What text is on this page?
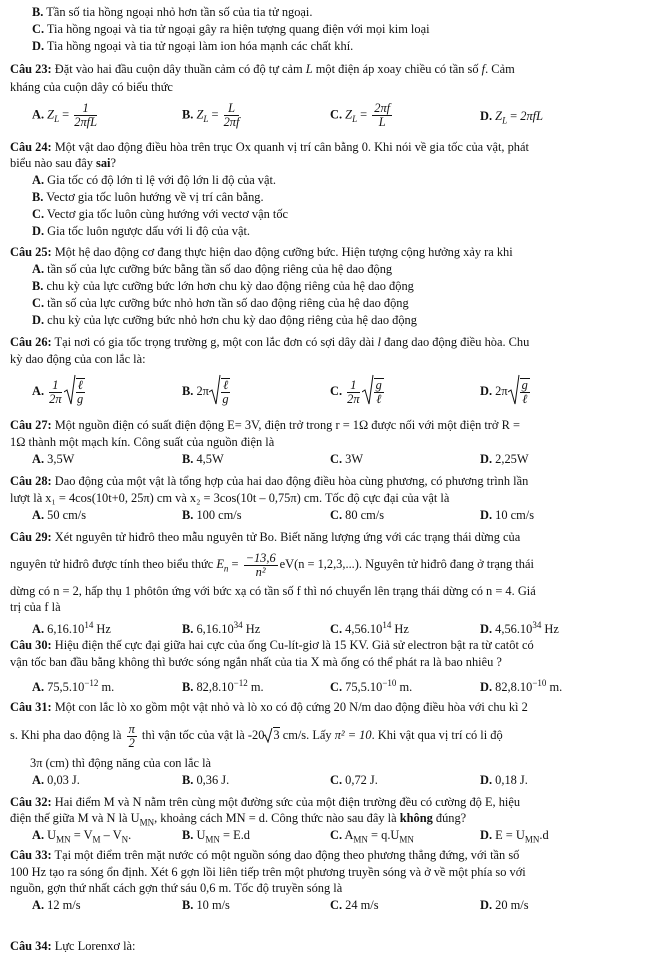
B. Tần số tia hồng ngoại nhỏ hơn tần số của tia tử ngoại.
C. Tia hồng ngoại và tia tử ngoại gây ra hiện tượng quang điện với mọi kim loại
D. Tia hồng ngoại và tia tử ngoại làm ion hóa mạnh các chất khí.
Câu 23: Đặt vào hai đầu cuộn dây thuần cảm có độ tự cảm L một điện áp xoay chiều có tần số f. Cảm
kháng của cuộn dây có biểu thức
A. $Z_L = \frac{1}{\text{2πfL}}$	B. $Z_L = \frac{L}{2\pi f}$	C. $Z_L = \frac{2\pi f}{L}$	D. $Z_L = 2\pi fL$
Câu 24: Một vật dao động điều hòa trên trục Ox quanh vị trí cân bằng 0. Khi nói về gia tốc của vật, phát
biểu nào sau đây sai?
A. Gia tốc có độ lớn tỉ lệ với độ lớn li độ của vật.
B. Vectơ gia tốc luôn hướng về vị trí cân bằng.
C. Vectơ gia tốc luôn cùng hướng với vectơ vận tốc
D. Gia tốc luôn ngược dấu với li độ của vật.
Câu 25: Một hệ dao động cơ đang thực hiện dao động cưỡng bức. Hiện tượng cộng hưởng xảy ra khi
A. tần số của lực cưỡng bức bằng tần số dao động riêng của hệ dao động
B. chu kỳ của lực cưỡng bức lớn hơn chu kỳ dao động riêng của hệ dao động
C. tần số của lực cưỡng bức nhỏ hơn tần số dao động riêng của hệ dao động
D. chu kỳ của lực cưỡng bức nhỏ hơn chu kỳ dao động riêng của hệ dao động
Câu 26: Tại nơi có gia tốc trọng trường g, một con lắc đơn có sợi dây dài l đang dao động điều hòa. Chu
kỳ dao động của con lắc là:
A. $\frac{1}{2\pi} \frac{\text{ℓ}}{g}$	B. $2\pi \frac{\text{ℓ}}{g}$	C. $\frac{1}{2\pi} \frac{g}{\text{ℓ}}$	D. $2\pi \frac{g}{\text{ℓ}}$
Câu 27: Một nguồn điện có suất điện động E= 3V, điện trở trong r = 1Ω được nối với một điện trở R =
1Ω thành một mạch kín. Công suất của nguồn điện là
A. 3,5W	B. 4,5W	C. 3W	D. 2,25W
Câu 28: Dao động của một vật là tổng hợp của hai dao động điều hòa cùng phương, có phương trình lần
lượt là x₁ = 4cos(10t+0, 25π) cm và x₂ = 3cos(10t – 0,75π) cm. Tốc độ cực đại của vật là
A. 50 cm/s	B. 100 cm/s	C. 80 cm/s	D. 10 cm/s
Câu 29: Xét nguyên tử hiđrô theo mẫu nguyên tử Bo. Biết năng lượng ứng với các trạng thái dừng của
nguyên tử hiđrô được tính theo biểu thức $E_n = \frac{-13,6}{\text{n²}} eV(n = 1,2,3,...)$. Nguyên tử hiđrô đang ở trạng thái
dừng có n = 2, hấp thụ 1 phôtôn ứng với bức xạ có tần số f thì nó chuyển lên trạng thái dừng có n = 4. Giá
trị của f là
A. 6,16.10$^{14}$ Hz	B. 6,16.10$^{34}$ Hz	C. 4,56.10$^{14}$ Hz	D. 4,56.10$^{34}$ Hz
Câu 30: Hiệu điện thế cực đại giữa hai cực của ống Cu-lít-giơ là 15 KV. Giả sử electron bật ra từ catôt có
vận tốc ban đầu bằng không thì bước sóng ngắn nhất của tia X mà ống có thể phát ra là bao nhiêu ?
A. $75,5.10^{-12}$ m.	B. $82,8.10^{-12}$ m.	C. $75,5.10^{-10}$ m.	D. $82,8.10^{-10}$ m.
Câu 31: Một con lắc lò xo gồm một vật nhỏ và lò xo có độ cứng 20 N/m dao động điều hòa với chu kì 2
s. Khi pha dao động là $\frac{\pi}{2}$ thì vận tốc của vật là -20 3 cm/s. Lấy π² = 10. Khi vật qua vị trí có li độ
3π (cm) thì động năng của con lắc là
A. 0,03 J.	B. 0,36 J.	C. 0,72 J.	D. 0,18 J.
Câu 32: Hai điểm M và N nằm trên cùng một đường sức của một điện trường đều có cường độ E, hiệu
điện thế giữa M và N là $U_{MN}$, khoảng cách MN = d. Công thức nào sau đây là không đúng?
A. $U_{MN} = V_M - V_N$.	B. $U_{MN} = E.d$	C. $A_{MN} = q.U_{MN}$	D. $E = U_{MN}.d$
Câu 33: Tại một điểm trên mặt nước có một nguồn sóng dao động theo phương thẳng đứng, với tần số
100 Hz tạo ra sóng ổn định. Xét 6 gợn lồi liên tiếp trên một phương truyền sóng và ở về một phía so với
nguồn, gợn thứ nhất cách gợn thứ sáu 0,6 m. Tốc độ truyền sóng là
A. 12 m/s	B. 10 m/s	C. 24 m/s	D. 20 m/s
Câu 34: Lực Lorenxơ là:
